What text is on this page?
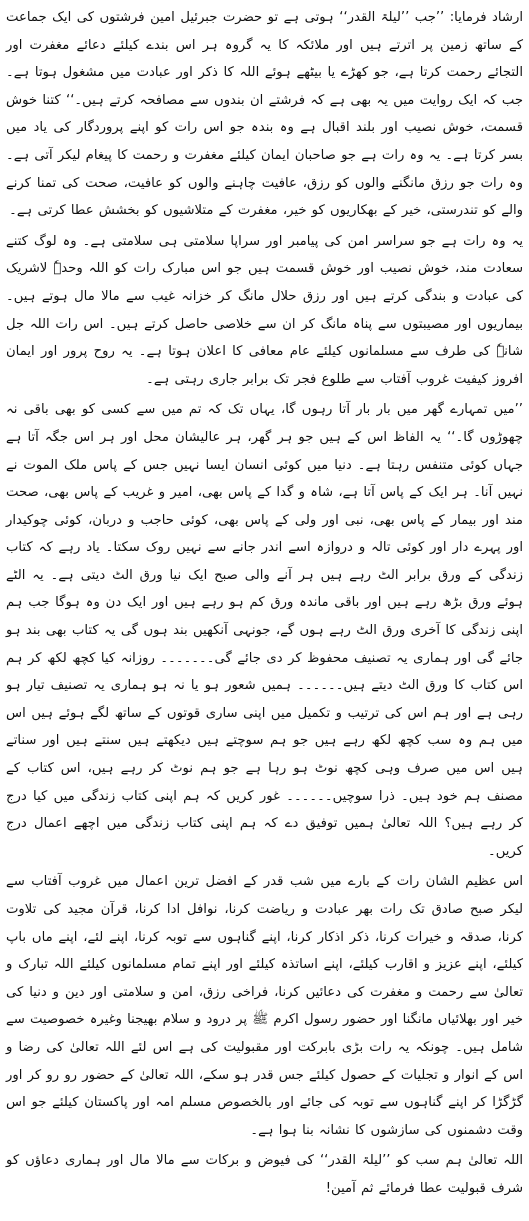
ارشاد فرمایا: ’’جب ’’لیلۃ القدر‘‘ ہوتی ہے تو حضرت جبرئیل امین فرشتوں کی ایک جماعت کے ساتھ زمین پر اترتے ہیں اور ملائکہ کا یہ گروہ ہر اس بندے کیلئے دعائے مغفرت اور التجائے رحمت کرتا ہے، جو کھڑے یا بیٹھے ہوئے اللہ کا ذکر اور عبادت میں مشغول ہوتا ہے۔ جب کہ ایک روایت میں یہ بھی ہے کہ فرشتے ان بندوں سے مصافحہ کرتے ہیں۔‘‘ کتنا خوش قسمت، خوش نصیب اور بلند اقبال ہے وہ بندہ جو اس رات کو اپنے پروردگار کی یاد میں بسر کرتا ہے۔ یہ وہ رات ہے جو صاحبان ایمان کیلئے مغفرت و رحمت کا پیغام لیکر آتی ہے۔ وہ رات جو رزق مانگنے والوں کو رزق، عافیت چاہنے والوں کو عافیت، صحت کی تمنا کرنے والے کو تندرستی، خیر کے بھکاریوں کو خیر، مغفرت کے متلاشیوں کو بخشش عطا کرتی ہے۔

یہ وہ رات ہے جو سراسر امن کی پیامبر اور سراپا سلامتی ہی سلامتی ہے۔ وہ لوگ کتنے سعادت مند، خوش نصیب اور خوش قسمت ہیں جو اس مبارک رات کو اللہ وحدہٗ لاشریک کی عبادت و بندگی کرتے ہیں اور رزق حلال مانگ کر خزانہ غیب سے مالا مال ہوتے ہیں۔ بیماریوں اور مصیبتوں سے پناہ مانگ کر ان سے خلاصی حاصل کرتے ہیں۔ اس رات اللہ جل شانہٗ کی طرف سے مسلمانوں کیلئے عام معافی کا اعلان ہوتا ہے۔ یہ روح پرور اور ایمان افروز کیفیت غروب آفتاب سے طلوع فجر تک برابر جاری رہتی ہے۔

’’میں تمہارے گھر میں بار بار آتا رہوں گا، یہاں تک کہ تم میں سے کسی کو بھی باقی نہ چھوڑوں گا۔‘‘ یہ الفاظ اس کے ہیں جو ہر گھر، ہر عالیشان محل اور ہر اس جگہ آتا ہے جہاں کوئی متنفس رہتا ہے۔ دنیا میں کوئی انسان ایسا نہیں جس کے پاس ملک الموت نے نہیں آنا۔ ہر ایک کے پاس آتا ہے، شاہ و گدا کے پاس بھی، امیر و غریب کے پاس بھی، صحت مند اور بیمار کے پاس بھی، نبی اور ولی کے پاس بھی، کوئی حاجب و دربان، کوئی چوکیدار اور پہرے دار اور کوئی تالہ و دروازہ اسے اندر جانے سے نہیں روک سکتا۔ یاد رہے کہ کتاب زندگی کے ورق برابر الٹ رہے ہیں ہر آنے والی صبح ایک نیا ورق الٹ دیتی ہے۔ یہ الٹے ہوئے ورق بڑھ رہے ہیں اور باقی ماندہ ورق کم ہو رہے ہیں اور ایک دن وہ ہوگا جب ہم اپنی زندگی کا آخری ورق الٹ رہے ہوں گے، جونہی آنکھیں بند ہوں گی یہ کتاب بھی بند ہو جائے گی اور ہماری یہ تصنیف محفوظ کر دی جائے گی۔۔۔۔۔۔۔ روزانہ کیا کچھ لکھ کر ہم اس کتاب کا ورق الٹ دیتے ہیں۔۔۔۔۔۔ ہمیں شعور ہو یا نہ ہو ہماری یہ تصنیف تیار ہو رہی ہے اور ہم اس کی ترتیب و تکمیل میں اپنی ساری قوتوں کے ساتھ لگے ہوئے ہیں اس میں ہم وہ سب کچھ لکھ رہے ہیں جو ہم سوچتے ہیں دیکھتے ہیں سنتے ہیں اور سناتے ہیں اس میں صرف وہی کچھ نوٹ ہو رہا ہے جو ہم نوٹ کر رہے ہیں، اس کتاب کے مصنف ہم خود ہیں۔ ذرا سوچیں۔۔۔۔۔۔ غور کریں کہ ہم اپنی کتاب زندگی میں کیا درج کر رہے ہیں؟ اللہ تعالیٰ ہمیں توفیق دے کہ ہم اپنی کتاب زندگی میں اچھے اعمال درج کریں۔

اس عظیم الشان رات کے بارے میں شب قدر کے افضل ترین اعمال میں غروب آفتاب سے لیکر صبح صادق تک رات بھر عبادت و ریاضت کرنا، نوافل ادا کرنا، قرآن مجید کی تلاوت کرنا، صدقہ و خیرات کرنا، ذکر اذکار کرنا، اپنے گناہوں سے توبہ کرنا، اپنے لئے، اپنے ماں باپ کیلئے، اپنے عزیز و اقارب کیلئے، اپنے اساتذہ کیلئے اور اپنے تمام مسلمانوں کیلئے اللہ تبارک و تعالیٰ سے رحمت و مغفرت کی دعائیں کرنا، فراخی رزق، امن و سلامتی اور دین و دنیا کی خیر اور بھلائیاں مانگنا اور حضور رسول اکرم ﷺ پر درود و سلام بھیجنا وغیرہ خصوصیت سے شامل ہیں۔ چونکہ یہ رات بڑی بابرکت اور مقبولیت کی ہے اس لئے اللہ تعالیٰ کی رضا و اس کے انوار و تجلیات کے حصول کیلئے جس قدر ہو سکے، اللہ تعالیٰ کے حضور رو رو کر اور گڑگڑا کر اپنے گناہوں سے توبہ کی جائے اور بالخصوص مسلم امہ اور پاکستان کیلئے جو اس وقت دشمنوں کی سازشوں کا نشانہ بنا ہوا ہے۔

اللہ تعالیٰ ہم سب کو ’’لیلۃ القدر‘‘ کی فیوض و برکات سے مالا مال اور ہماری دعاؤں کو شرف قبولیت عطا فرمائے ثم آمین!
